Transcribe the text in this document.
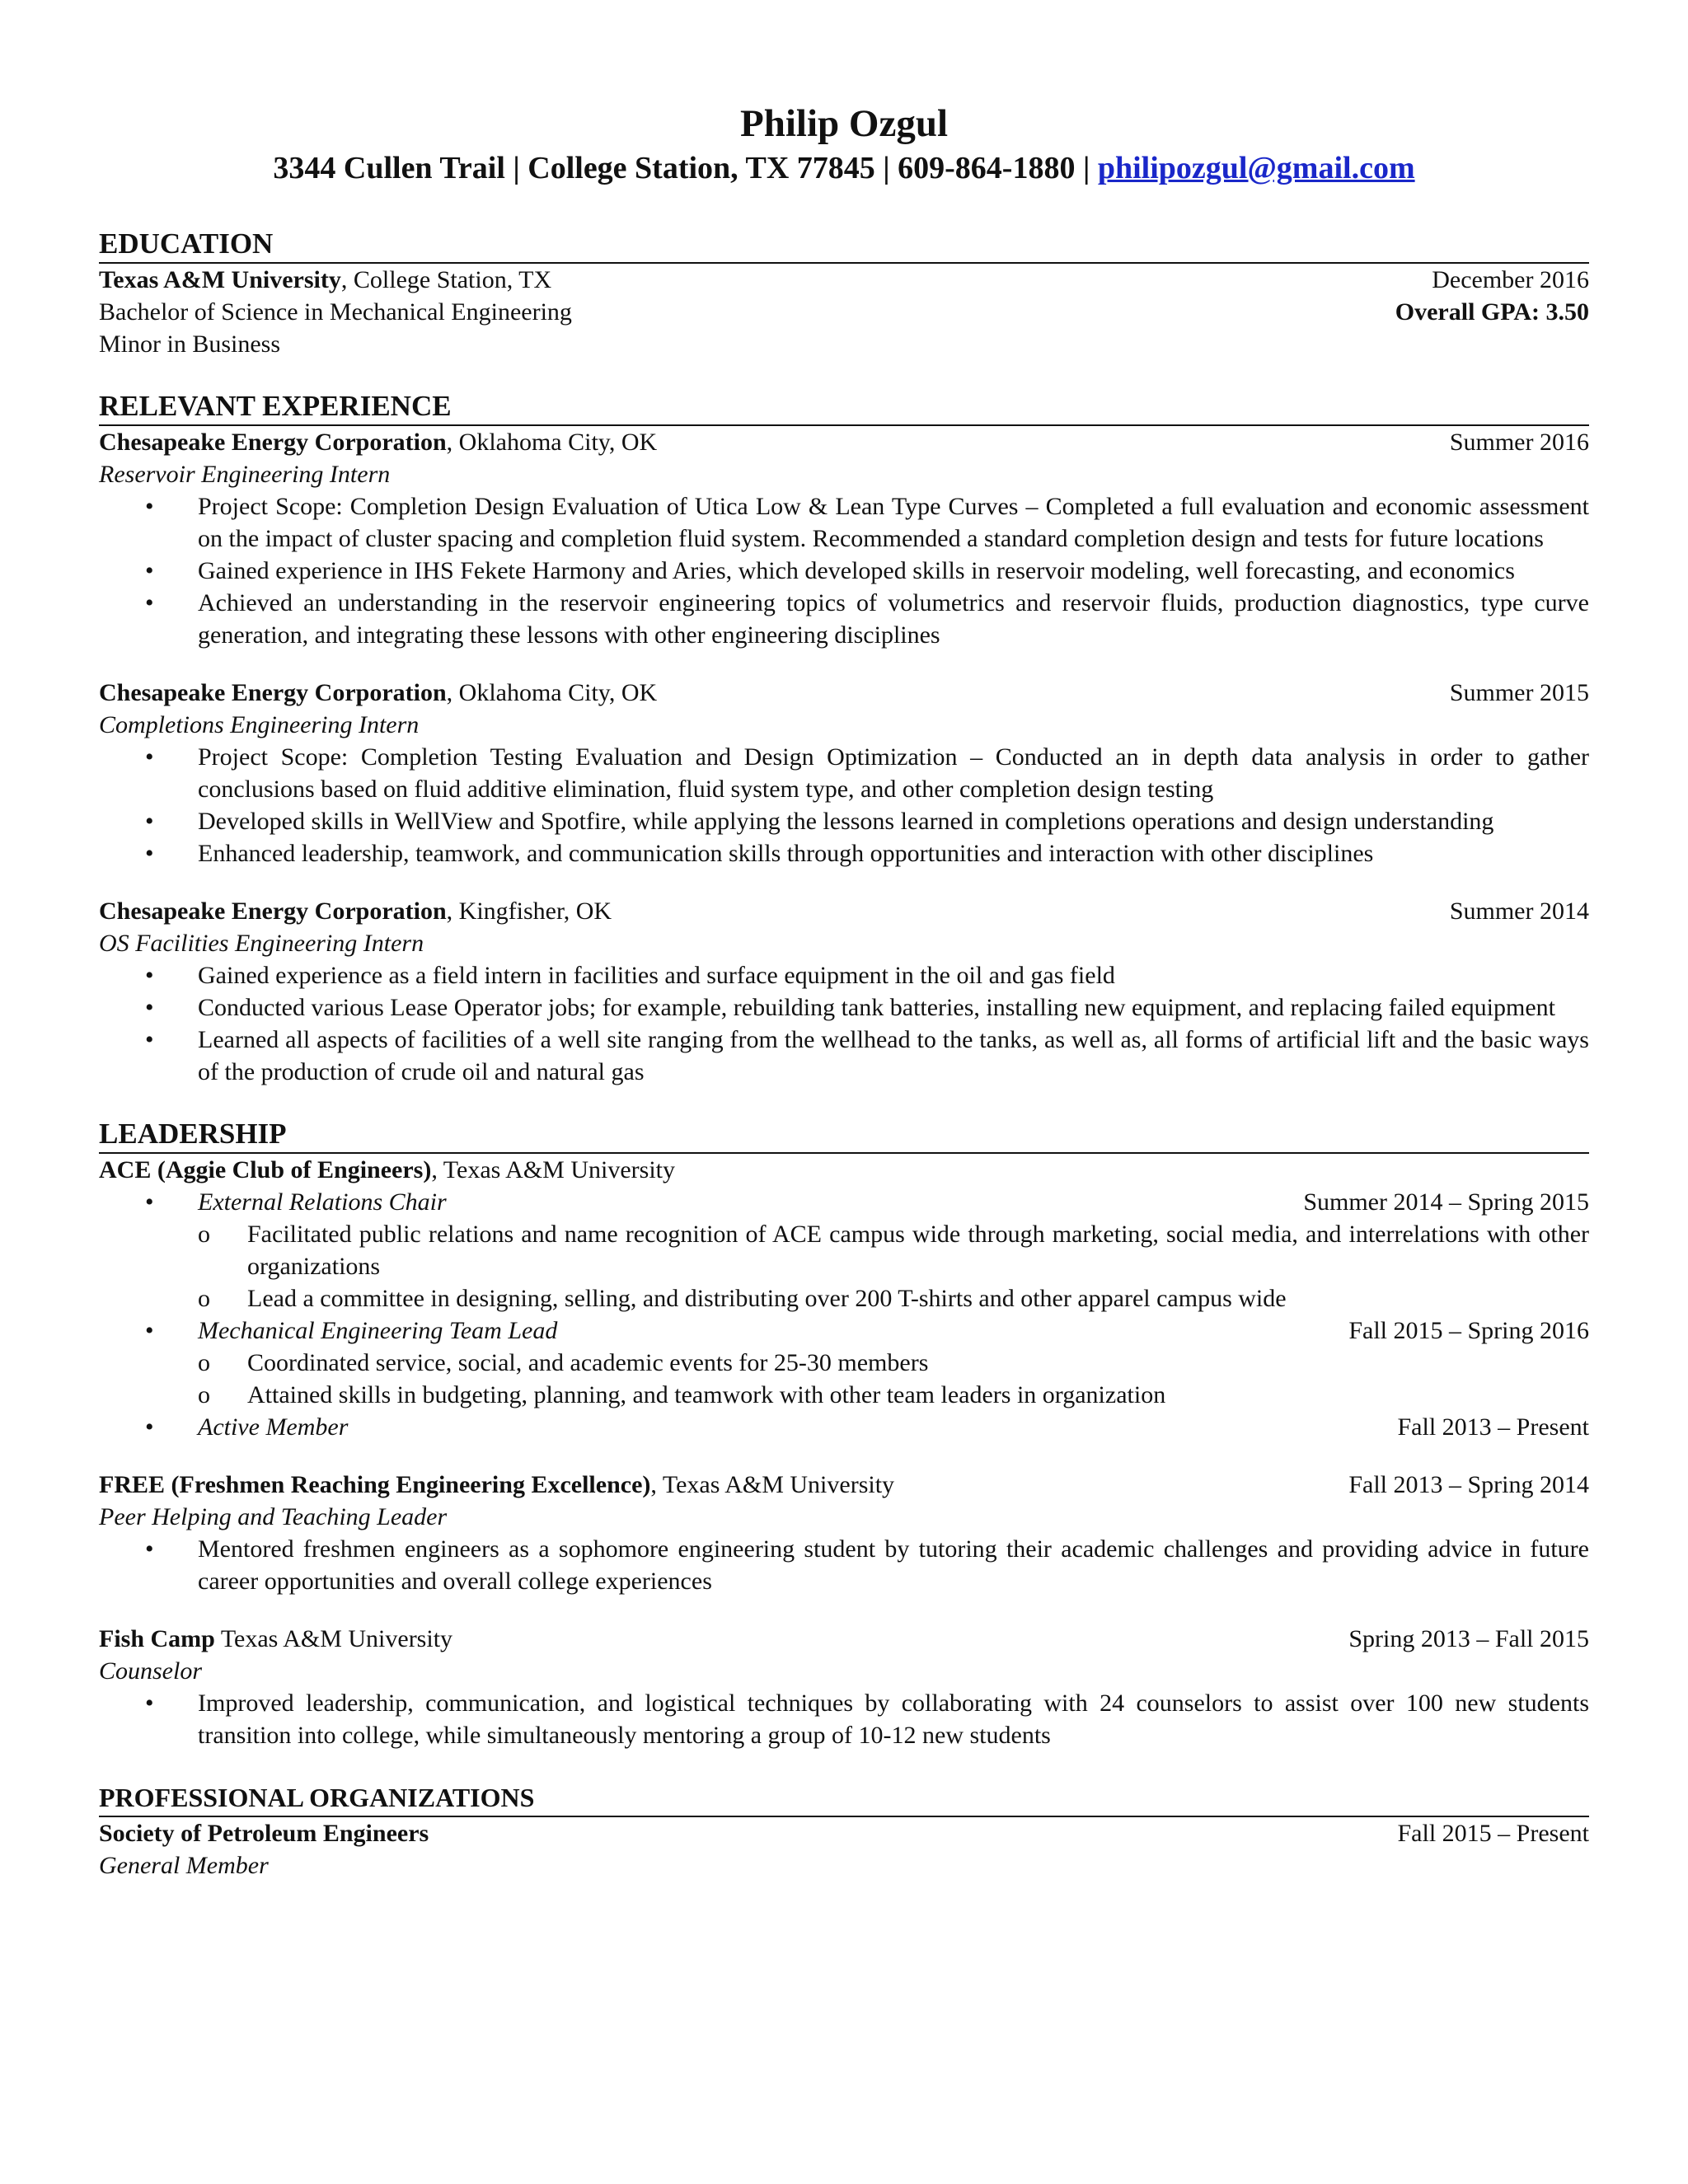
Philip Ozgul
3344 Cullen Trail | College Station, TX 77845 | 609-864-1880 | philipozgul@gmail.com
EDUCATION
Texas A&M University, College Station, TX	December 2016
Bachelor of Science in Mechanical Engineering	Overall GPA: 3.50
Minor in Business
RELEVANT EXPERIENCE
Chesapeake Energy Corporation, Oklahoma City, OK	Summer 2016
Reservoir Engineering Intern
• Project Scope: Completion Design Evaluation of Utica Low & Lean Type Curves – Completed a full evaluation and economic assessment on the impact of cluster spacing and completion fluid system. Recommended a standard completion design and tests for future locations
• Gained experience in IHS Fekete Harmony and Aries, which developed skills in reservoir modeling, well forecasting, and economics
• Achieved an understanding in the reservoir engineering topics of volumetrics and reservoir fluids, production diagnostics, type curve generation, and integrating these lessons with other engineering disciplines
Chesapeake Energy Corporation, Oklahoma City, OK	Summer 2015
Completions Engineering Intern
• Project Scope: Completion Testing Evaluation and Design Optimization – Conducted an in depth data analysis in order to gather conclusions based on fluid additive elimination, fluid system type, and other completion design testing
• Developed skills in WellView and Spotfire, while applying the lessons learned in completions operations and design understanding
• Enhanced leadership, teamwork, and communication skills through opportunities and interaction with other disciplines
Chesapeake Energy Corporation, Kingfisher, OK	Summer 2014
OS Facilities Engineering Intern
• Gained experience as a field intern in facilities and surface equipment in the oil and gas field
• Conducted various Lease Operator jobs; for example, rebuilding tank batteries, installing new equipment, and replacing failed equipment
• Learned all aspects of facilities of a well site ranging from the wellhead to the tanks, as well as, all forms of artificial lift and the basic ways of the production of crude oil and natural gas
LEADERSHIP
ACE (Aggie Club of Engineers), Texas A&M University
• External Relations Chair	Summer 2014 – Spring 2015
o Facilitated public relations and name recognition of ACE campus wide through marketing, social media, and interrelations with other organizations
o Lead a committee in designing, selling, and distributing over 200 T-shirts and other apparel campus wide
• Mechanical Engineering Team Lead	Fall 2015 – Spring 2016
o Coordinated service, social, and academic events for 25-30 members
o Attained skills in budgeting, planning, and teamwork with other team leaders in organization
• Active Member	Fall 2013 – Present
FREE (Freshmen Reaching Engineering Excellence), Texas A&M University	Fall 2013 – Spring 2014
Peer Helping and Teaching Leader
• Mentored freshmen engineers as a sophomore engineering student by tutoring their academic challenges and providing advice in future career opportunities and overall college experiences
Fish Camp Texas A&M University	Spring 2013 – Fall 2015
Counselor
• Improved leadership, communication, and logistical techniques by collaborating with 24 counselors to assist over 100 new students transition into college, while simultaneously mentoring a group of 10-12 new students
PROFESSIONAL ORGANIZATIONS
Society of Petroleum Engineers	Fall 2015 – Present
General Member
